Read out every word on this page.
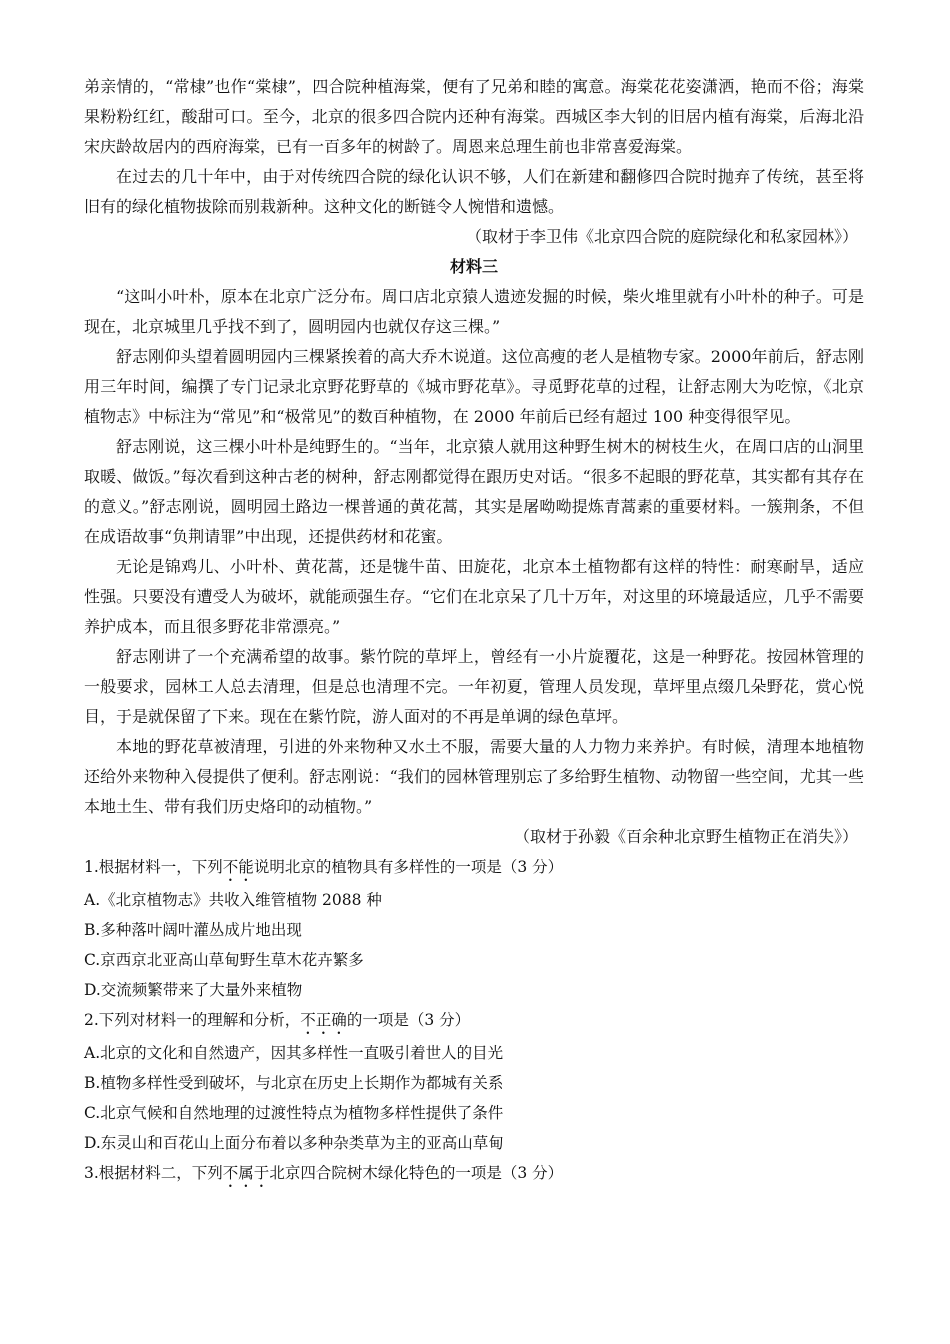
弟亲情的，“常棣”也作“棠棣”，四合院种植海棠，便有了兄弟和睦的寓意。海棠花花姿潇洒，艳而不俗；海棠果粉粉红红，酸甜可口。至今，北京的很多四合院内还种有海棠。西城区李大钊的旧居内植有海棠，后海北沿宋庆龄故居内的西府海棠，已有一百多年的树龄了。周恩来总理生前也非常喜爱海棠。

在过去的几十年中，由于对传统四合院的绿化认识不够，人们在新建和翻修四合院时抛弃了传统，甚至将旧有的绿化植物拔除而别栽新种。这种文化的断链令人惋惜和遗憾。

（取材于李卫伟《北京四合院的庭院绿化和私家园林》）

材料三

“这叫小叶朴，原本在北京广泛分布。周口店北京猿人遗迹发掘的时候，柴火堆里就有小叶朴的种子。可是现在，北京城里几乎找不到了，圆明园内也就仅存这三棵。”

舒志刚仰头望着圆明园内三棵紧挨着的高大乔木说道。这位高瘦的老人是植物专家。2000年前后，舒志刚用三年时间，编撰了专门记录北京野花野草的《城市野花草》。寻觅野花草的过程，让舒志刚大为吃惊，《北京植物志》中标注为“常见”和“极常见”的数百种植物，在 2000 年前后已经有超过 100 种变得很罕见。

舒志刚说，这三棵小叶朴是纯野生的。“当年，北京猿人就用这种野生树木的树枝生火，在周口店的山洞里取暖、做饭。”每次看到这种古老的树种，舒志刚都觉得在跟历史对话。“很多不起眼的野花草，其实都有其存在的意义。”舒志刚说，圆明园土路边一棵普通的黄花蒿，其实是屠呦呦提炼青蒿素的重要材料。一簇荆条，不但在成语故事“负荆请罪”中出现，还提供药材和花蜜。

无论是锦鸡儿、小叶朴、黄花蒿，还是牻牛苗、田旋花，北京本土植物都有这样的特性：耐寒耐旱，适应性强。只要没有遭受人为破坏，就能顽强生存。“它们在北京呆了几十万年，对这里的环境最适应，几乎不需要养护成本，而且很多野花非常漂亮。”

舒志刚讲了一个充满希望的故事。紫竹院的草坪上，曾经有一小片旋覆花，这是一种野花。按园林管理的一般要求，园林工人总去清理，但是总也清理不完。一年初夏，管理人员发现，草坪里点缀几朵野花，赏心悦目，于是就保留了下来。现在在紫竹院，游人面对的不再是单调的绿色草坪。

本地的野花草被清理，引进的外来物种又水土不服，需要大量的人力物力来养护。有时候，清理本地植物还给外来物种入侵提供了便利。舒志刚说：“我们的园林管理别忘了多给野生植物、动物留一些空间，尤其一些本地土生、带有我们历史烙印的动植物。”

（取材于孙毅《百余种北京野生植物正在消失》）

1.根据材料一，下列不能说明北京的植物具有多样性的一项是（3 分）

A.《北京植物志》共收入维管植物 2088 种

B.多种落叶阔叶灌丛成片地出现

C.京西京北亚高山草甸野生草木花卉繁多

D.交流频繁带来了大量外来植物

2.下列对材料一的理解和分析，不正确的一项是（3 分）

A.北京的文化和自然遗产，因其多样性一直吸引着世人的目光

B.植物多样性受到破坏，与北京在历史上长期作为都城有关系

C.北京气候和自然地理的过渡性特点为植物多样性提供了条件

D.东灵山和百花山上面分布着以多种杂类草为主的亚高山草甸

3.根据材料二，下列不属于北京四合院树木绿化特色的一项是（3 分）
